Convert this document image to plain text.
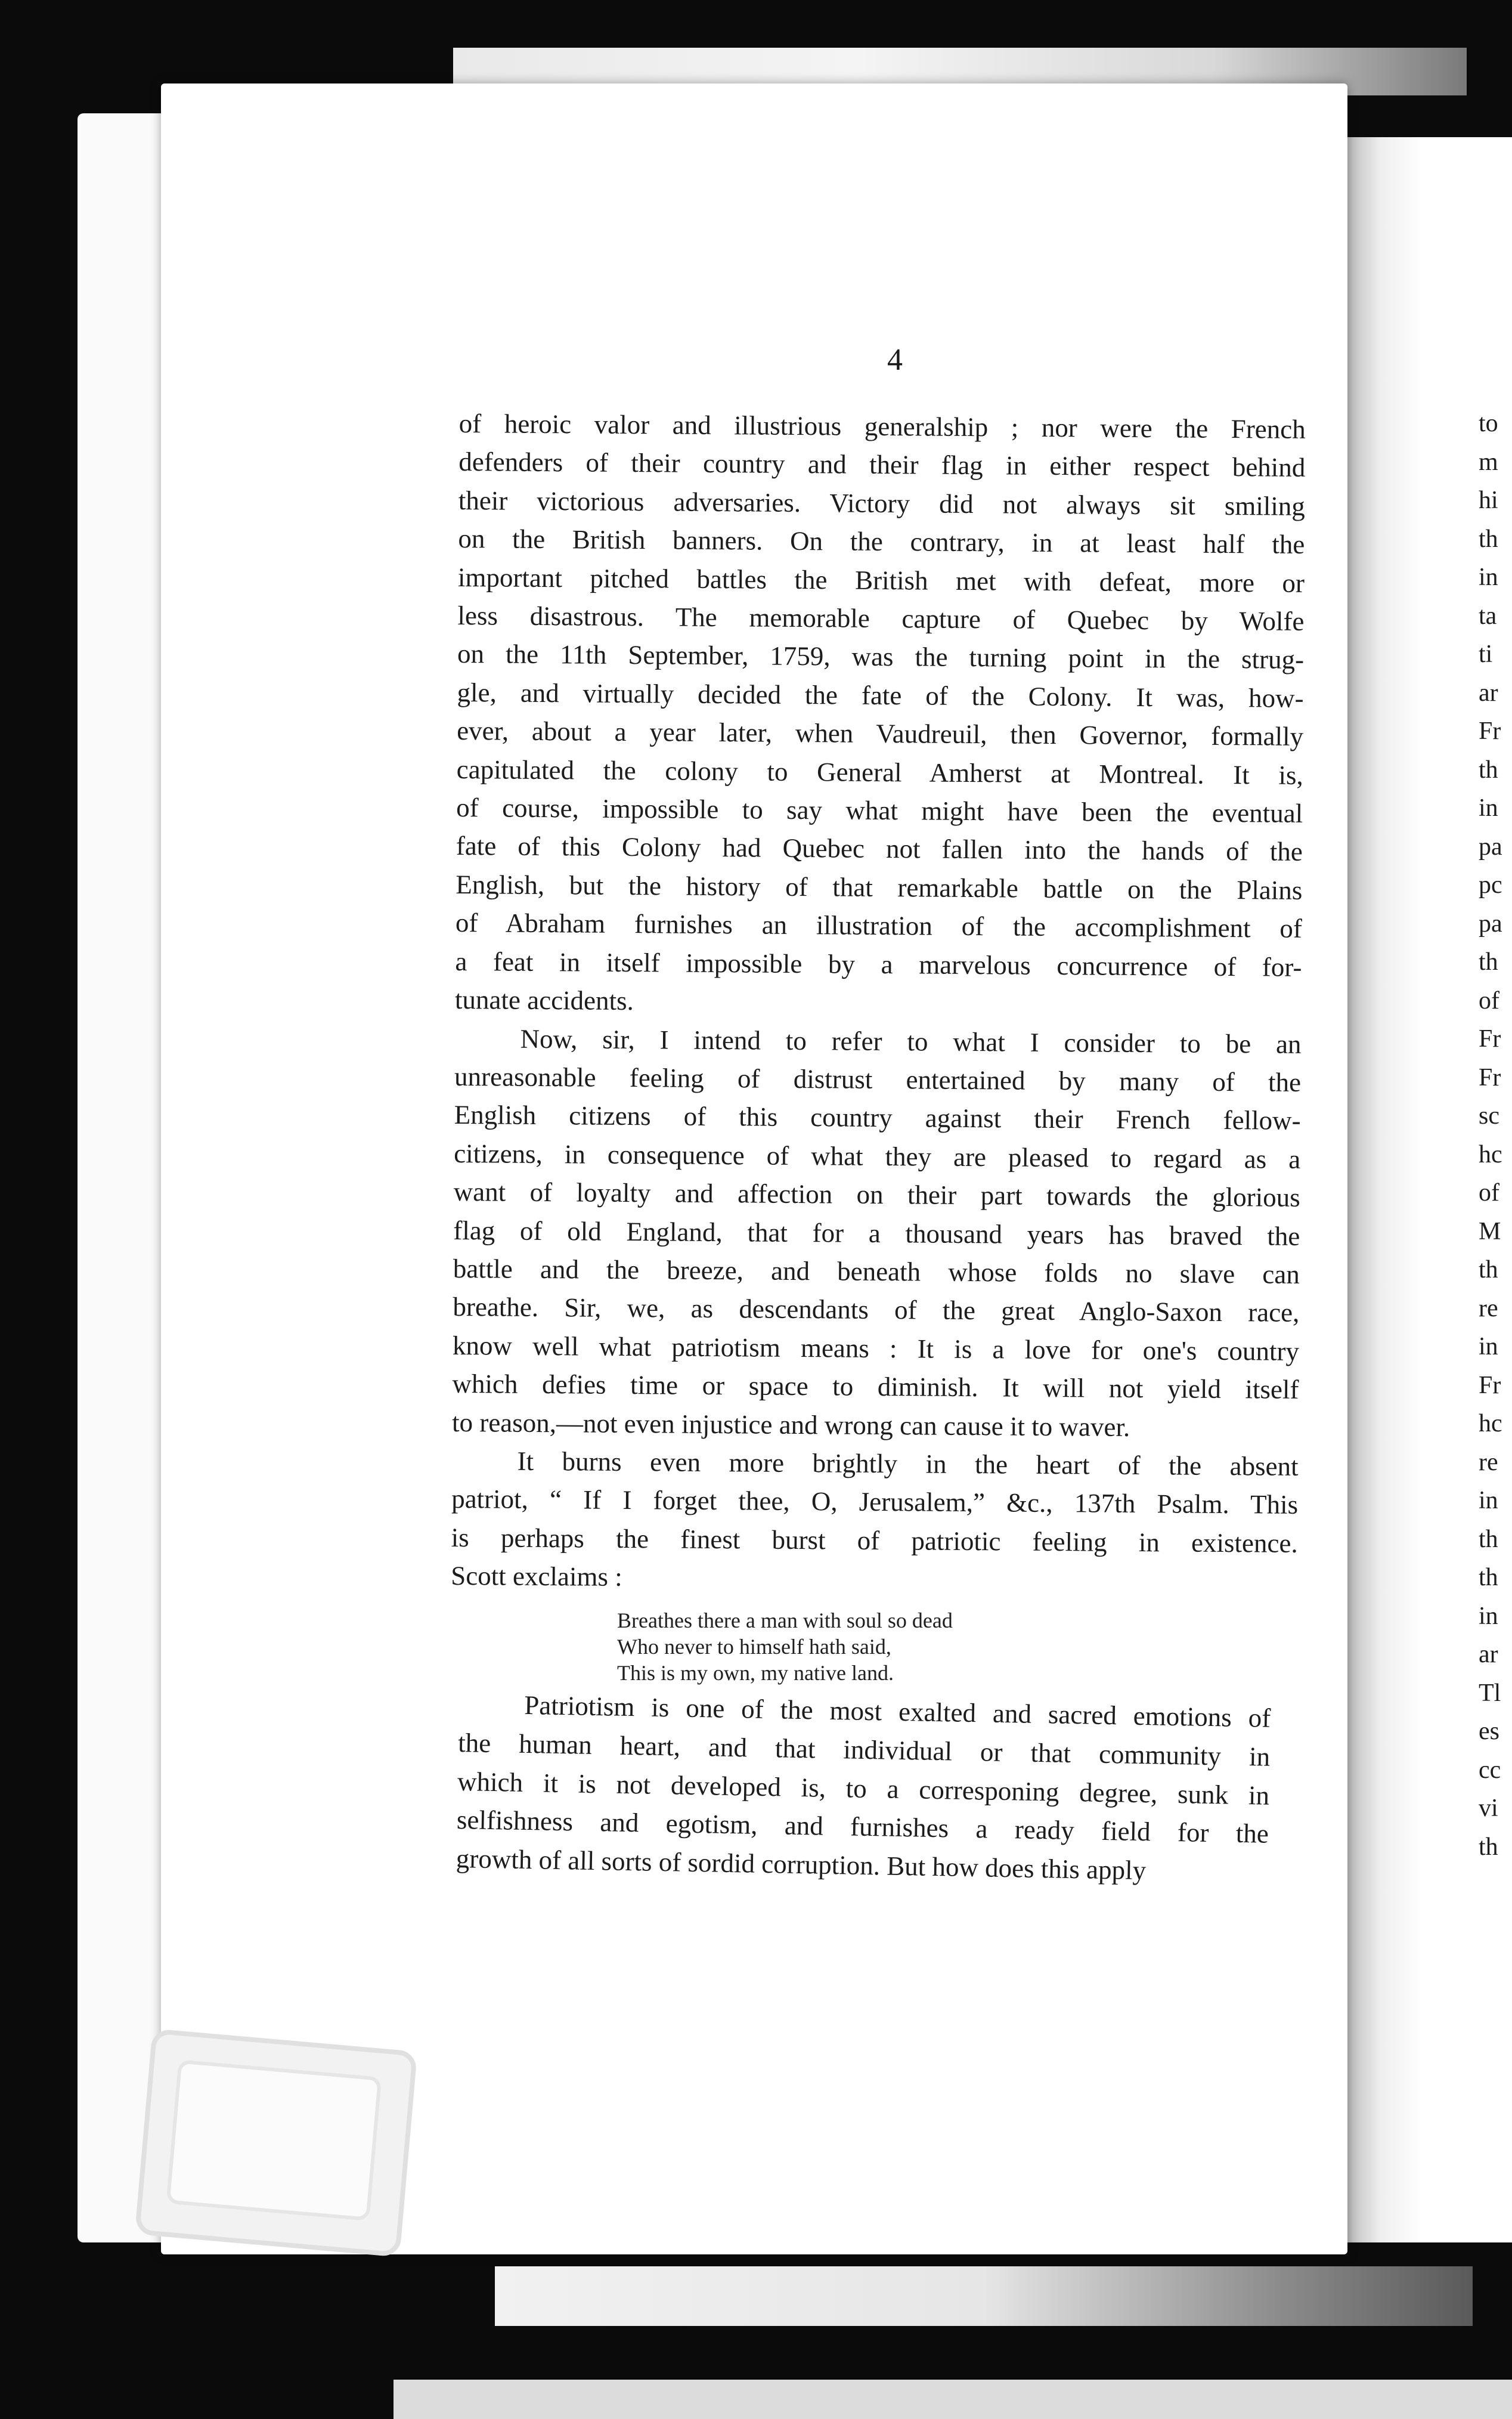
4
of heroic valor and illustrious generalship ; nor were the French
defenders of their country and their flag in either respect behind
their victorious adversaries. Victory did not always sit smiling
on the British banners. On the contrary, in at least half the
important pitched battles the British met with defeat, more or
less disastrous. The memorable capture of Quebec by Wolfe
on the 11th September, 1759, was the turning point in the strug-
gle, and virtually decided the fate of the Colony. It was, how-
ever, about a year later, when Vaudreuil, then Governor, formally
capitulated the colony to General Amherst at Montreal. It is,
of course, impossible to say what might have been the eventual
fate of this Colony had Quebec not fallen into the hands of the
English, but the history of that remarkable battle on the Plains
of Abraham furnishes an illustration of the accomplishment of
a feat in itself impossible by a marvelous concurrence of for-
tunate accidents.
Now, sir, I intend to refer to what I consider to be an
unreasonable feeling of distrust entertained by many of the
English citizens of this country against their French fellow-
citizens, in consequence of what they are pleased to regard as a
want of loyalty and affection on their part towards the glorious
flag of old England, that for a thousand years has braved the
battle and the breeze, and beneath whose folds no slave can
breathe. Sir, we, as descendants of the great Anglo-Saxon race,
know well what patriotism means : It is a love for one's country
which defies time or space to diminish. It will not yield itself
to reason,—not even injustice and wrong can cause it to waver.
It burns even more brightly in the heart of the absent
patriot, “ If I forget thee, O, Jerusalem,” &c., 137th Psalm. This
is perhaps the finest burst of patriotic feeling in existence.
Scott exclaims :
Breathes there a man with soul so dead
Who never to himself hath said,
This is my own, my native land.
Patriotism is one of the most exalted and sacred emotions of
the human heart, and that individual or that community in
which it is not developed is, to a corresponing degree, sunk in
selfishness and egotism, and furnishes a ready field for the
growth of all sorts of sordid corruption. But how does this apply
to
m
hi
th
in
ta
ti
ar
Fr
th
in
pa
pc
pa
th
of
Fr
Fr
sc
hc
of
M
th
re
in
Fr
hc
re
in
th
th
in
ar
Tl
es
cc
vi
th
